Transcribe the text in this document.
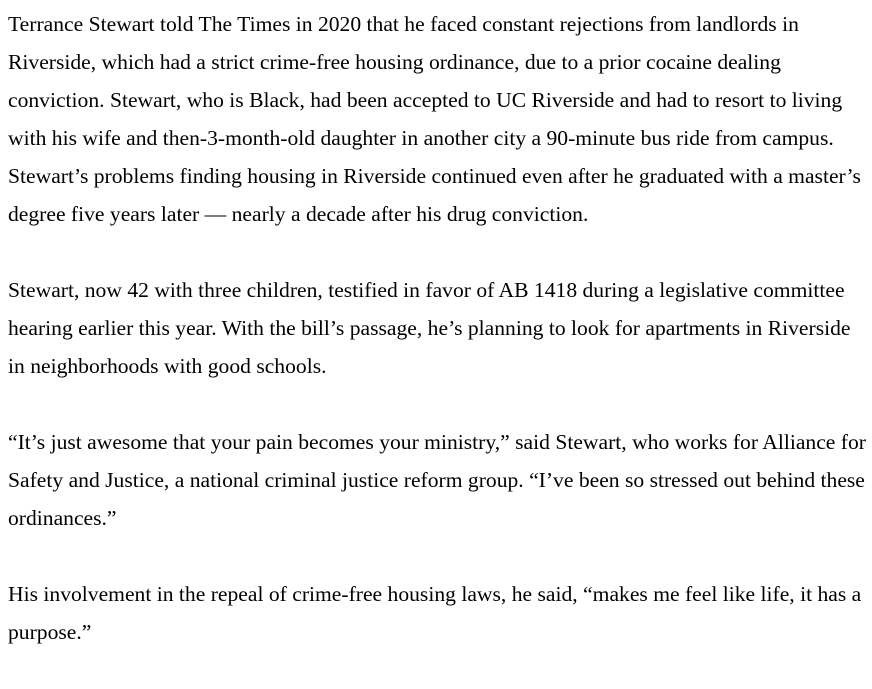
Terrance Stewart told The Times in 2020 that he faced constant rejections from landlords in Riverside, which had a strict crime-free housing ordinance, due to a prior cocaine dealing conviction. Stewart, who is Black, had been accepted to UC Riverside and had to resort to living with his wife and then-3-month-old daughter in another city a 90-minute bus ride from campus. Stewart’s problems finding housing in Riverside continued even after he graduated with a master’s degree five years later — nearly a decade after his drug conviction.

Stewart, now 42 with three children, testified in favor of AB 1418 during a legislative committee hearing earlier this year. With the bill’s passage, he’s planning to look for apartments in Riverside in neighborhoods with good schools.

“It’s just awesome that your pain becomes your ministry,” said Stewart, who works for Alliance for Safety and Justice, a national criminal justice reform group. “I’ve been so stressed out behind these ordinances.”

His involvement in the repeal of crime-free housing laws, he said, “makes me feel like life, it has a purpose.”
